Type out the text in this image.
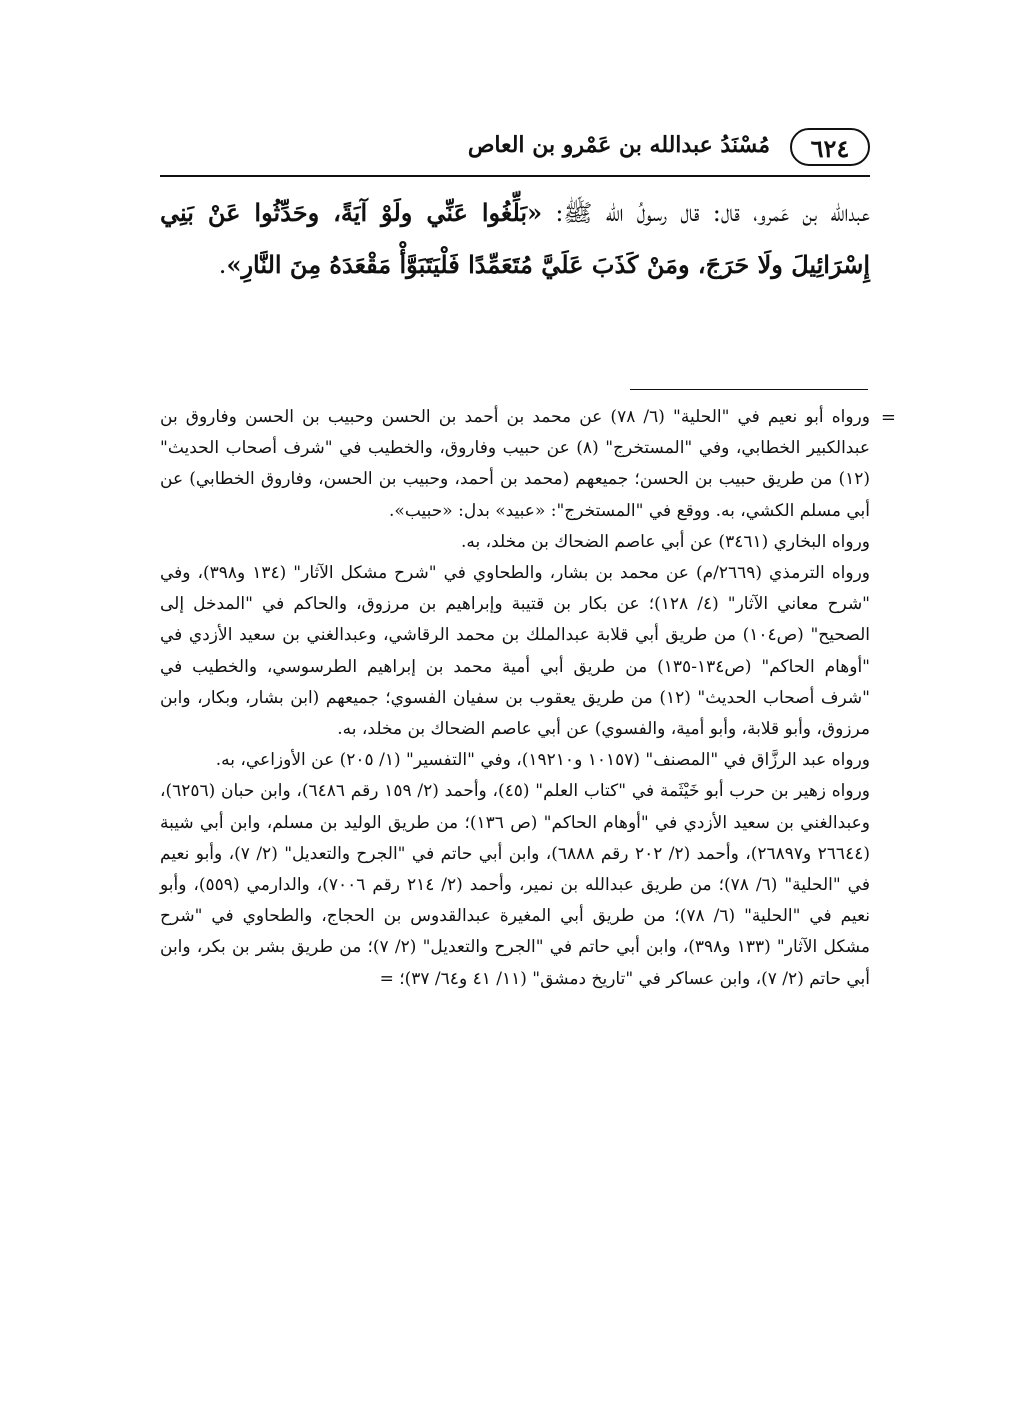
٦٢٤
مُسْنَدُ عبدالله بن عَمْرو بن العاص
عبدالله بن عَمرو، قال: قال رسولُ الله ﷺ: «بَلِّغُوا عَنِّي ولَوْ آيَةً، وحَدِّثُوا عَنْ بَنِي إِسْرَائِيلَ ولَا حَرَجَ، ومَنْ كَذَبَ عَلَيَّ مُتَعَمِّدًا فَلْيَتَبَوَّأْ مَقْعَدَهُ مِنَ النَّارِ».
=

ورواه أبو نعيم في "الحلية" (٦/ ٧٨) عن محمد بن أحمد بن الحسن وحبيب بن الحسن وفاروق بن عبدالكبير الخطابي، وفي "المستخرج" (٨) عن حبيب وفاروق، والخطيب في "شرف أصحاب الحديث" (١٢) من طريق حبيب بن الحسن؛ جميعهم (محمد بن أحمد، وحبيب بن الحسن، وفاروق الخطابي) عن أبي مسلم الكشي، به. ووقع في "المستخرج": «عبيد» بدل: «حبيب».

ورواه البخاري (٣٤٦١) عن أبي عاصم الضحاك بن مخلد، به.

ورواه الترمذي (٢٦٦٩/م) عن محمد بن بشار، والطحاوي في "شرح مشكل الآثار" (١٣٤ و٣٩٨)، وفي "شرح معاني الآثار" (٤/ ١٢٨)؛ عن بكار بن قتيبة وإبراهيم بن مرزوق، والحاكم في "المدخل إلى الصحيح" (ص١٠٤) من طريق أبي قلابة عبدالملك بن محمد الرقاشي، وعبدالغني بن سعيد الأزدي في "أوهام الحاكم" (ص١٣٤-١٣٥) من طريق أبي أمية محمد بن إبراهيم الطرسوسي، والخطيب في "شرف أصحاب الحديث" (١٢) من طريق يعقوب بن سفيان الفسوي؛ جميعهم (ابن بشار، وبكار، وابن مرزوق، وأبو قلابة، وأبو أمية، والفسوي) عن أبي عاصم الضحاك بن مخلد، به.

ورواه عبد الرزَّاق في "المصنف" (١٠١٥٧ و١٩٢١٠)، وفي "التفسير" (١/ ٢٠٥) عن الأوزاعي، به.

ورواه زهير بن حرب أبو خَيْثَمة في "كتاب العلم" (٤٥)، وأحمد (٢/ ١٥٩ رقم ٦٤٨٦)، وابن حبان (٦٢٥٦)، وعبدالغني بن سعيد الأزدي في "أوهام الحاكم" (ص ١٣٦)؛ من طريق الوليد بن مسلم، وابن أبي شيبة (٢٦٦٤٤ و٢٦٨٩٧)، وأحمد (٢/ ٢٠٢ رقم ٦٨٨٨)، وابن أبي حاتم في "الجرح والتعديل" (٢/ ٧)، وأبو نعيم في "الحلية" (٦/ ٧٨)؛ من طريق عبدالله بن نمير، وأحمد (٢/ ٢١٤ رقم ٧٠٠٦)، والدارمي (٥٥٩)، وأبو نعيم في "الحلية" (٦/ ٧٨)؛ من طريق أبي المغيرة عبدالقدوس بن الحجاج، والطحاوي في "شرح مشكل الآثار" (١٣٣ و٣٩٨)، وابن أبي حاتم في "الجرح والتعديل" (٢/ ٧)؛ من طريق بشر بن بكر، وابن أبي حاتم (٢/ ٧)، وابن عساكر في "تاريخ دمشق" (١١/ ٤١ و٦٤/ ٣٧)؛ =
